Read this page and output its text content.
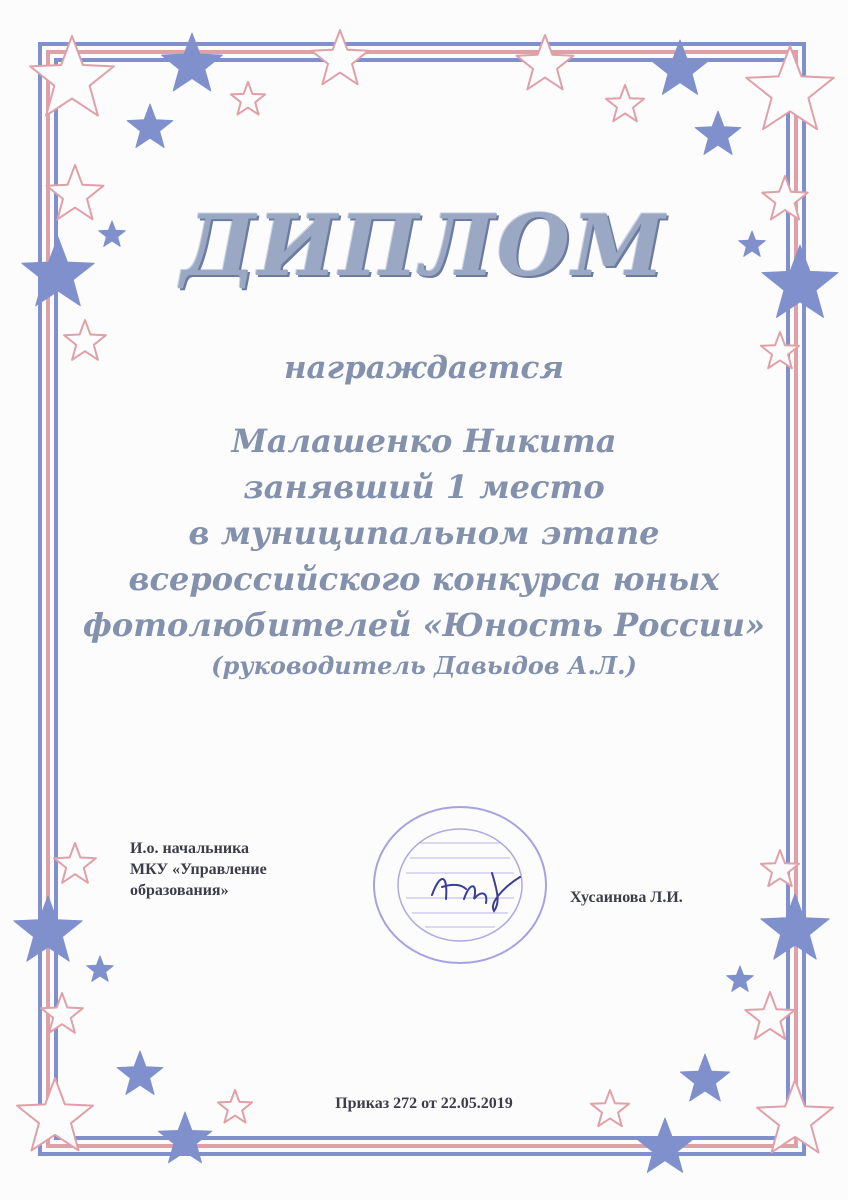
ДИПЛОМ
награждается
Малашенко Никита
занявший 1 место
в муниципальном этапе
всероссийского конкурса юных
фотолюбителей «Юность России»
(руководитель Давыдов А.Л.)
И.о. начальника
МКУ «Управление
образования»	Хусаинова Л.И.
Приказ 272 от 22.05.2019
